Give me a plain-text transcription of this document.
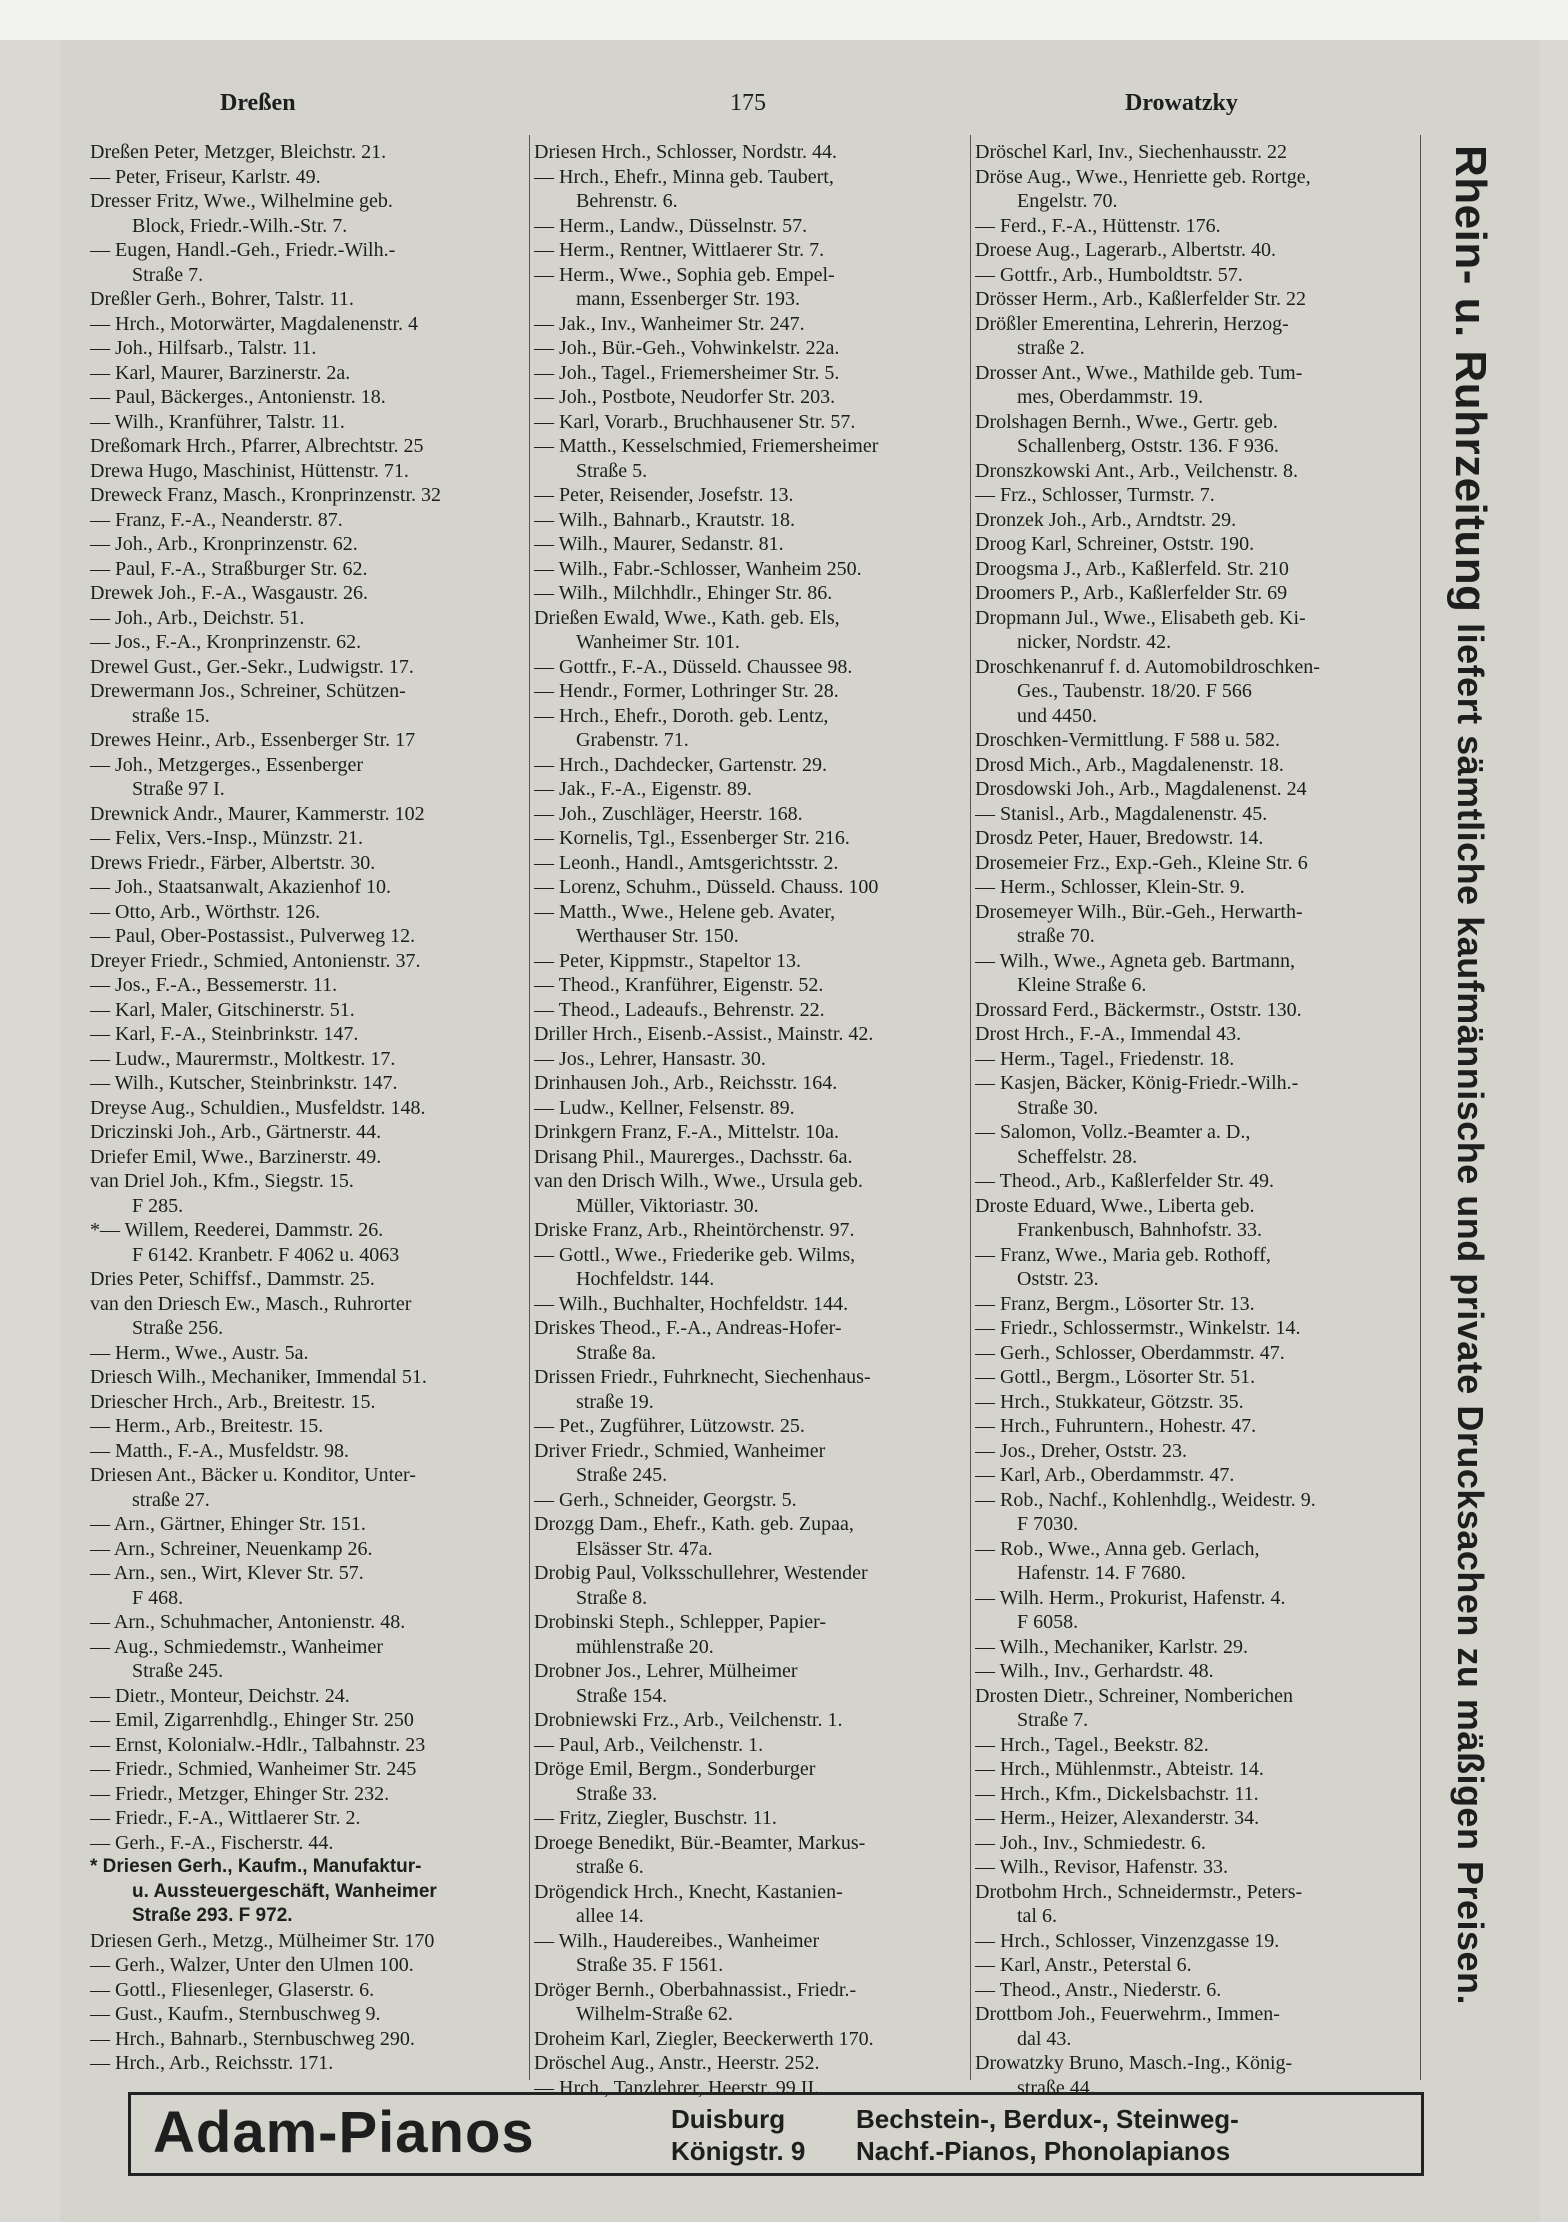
Dreßen	175	Drowatzky
Dreßen Peter, Metzger, Bleichstr. 21.
— Peter, Friseur, Karlstr. 49.
Dresser Fritz, Wwe., Wilhelmine geb.
Block, Friedr.-Wilh.-Str. 7.
— Eugen, Handl.-Geh., Friedr.-Wilh.-
Straße 7.
Dreßler Gerh., Bohrer, Talstr. 11.
— Hrch., Motorwärter, Magdalenenstr. 4
— Joh., Hilfsarb., Talstr. 11.
— Karl, Maurer, Barzinerstr. 2a.
— Paul, Bäckerges., Antonienstr. 18.
— Wilh., Kranführer, Talstr. 11.
Dreßomark Hrch., Pfarrer, Albrechtstr. 25
Drewa Hugo, Maschinist, Hüttenstr. 71.
Dreweck Franz, Masch., Kronprinzenstr. 32
— Franz, F.-A., Neanderstr. 87.
— Joh., Arb., Kronprinzenstr. 62.
— Paul, F.-A., Straßburger Str. 62.
Drewek Joh., F.-A., Wasgaustr. 26.
— Joh., Arb., Deichstr. 51.
— Jos., F.-A., Kronprinzenstr. 62.
Drewel Gust., Ger.-Sekr., Ludwigstr. 17.
Drewermann Jos., Schreiner, Schützen-
straße 15.
Drewes Heinr., Arb., Essenberger Str. 17
— Joh., Metzgerges., Essenberger
Straße 97 I.
Drewnick Andr., Maurer, Kammerstr. 102
— Felix, Vers.-Insp., Münzstr. 21.
Drews Friedr., Färber, Albertstr. 30.
— Joh., Staatsanwalt, Akazienhof 10.
— Otto, Arb., Wörthstr. 126.
— Paul, Ober-Postassist., Pulverweg 12.
Dreyer Friedr., Schmied, Antonienstr. 37.
— Jos., F.-A., Bessemerstr. 11.
— Karl, Maler, Gitschinerstr. 51.
— Karl, F.-A., Steinbrinkstr. 147.
— Ludw., Maurermstr., Moltkestr. 17.
— Wilh., Kutscher, Steinbrinkstr. 147.
Dreyse Aug., Schuldien., Musfeldstr. 148.
Driczinski Joh., Arb., Gärtnerstr. 44.
Driefer Emil, Wwe., Barzinerstr. 49.
van Driel Joh., Kfm., Siegstr. 15.
F 285.
*— Willem, Reederei, Dammstr. 26.
F 6142. Kranbetr. F 4062 u. 4063
Dries Peter, Schiffsf., Dammstr. 25.
van den Driesch Ew., Masch., Ruhrorter
Straße 256.
— Herm., Wwe., Austr. 5a.
Driesch Wilh., Mechaniker, Immendal 51.
Driescher Hrch., Arb., Breitestr. 15.
— Herm., Arb., Breitestr. 15.
— Matth., F.-A., Musfeldstr. 98.
Driesen Ant., Bäcker u. Konditor, Unter-
straße 27.
— Arn., Gärtner, Ehinger Str. 151.
— Arn., Schreiner, Neuenkamp 26.
— Arn., sen., Wirt, Klever Str. 57.
F 468.
— Arn., Schuhmacher, Antonienstr. 48.
— Aug., Schmiedemstr., Wanheimer
Straße 245.
— Dietr., Monteur, Deichstr. 24.
— Emil, Zigarrenhdlg., Ehinger Str. 250
— Ernst, Kolonialw.-Hdlr., Talbahnstr. 23
— Friedr., Schmied, Wanheimer Str. 245
— Friedr., Metzger, Ehinger Str. 232.
— Friedr., F.-A., Wittlaerer Str. 2.
— Gerh., F.-A., Fischerstr. 44.
* Driesen Gerh., Kaufm., Manufaktur-
u. Aussteuergeschäft, Wanheimer
Straße 293. F 972.
Driesen Gerh., Metzg., Mülheimer Str. 170
— Gerh., Walzer, Unter den Ulmen 100.
— Gottl., Fliesenleger, Glaserstr. 6.
— Gust., Kaufm., Sternbuschweg 9.
— Hrch., Bahnarb., Sternbuschweg 290.
— Hrch., Arb., Reichsstr. 171.
Driesen Hrch., Schlosser, Nordstr. 44.
— Hrch., Ehefr., Minna geb. Taubert,
Behrenstr. 6.
— Herm., Landw., Düsselnstr. 57.
— Herm., Rentner, Wittlaerer Str. 7.
— Herm., Wwe., Sophia geb. Empel-
mann, Essenberger Str. 193.
— Jak., Inv., Wanheimer Str. 247.
— Joh., Bür.-Geh., Vohwinkelstr. 22a.
— Joh., Tagel., Friemersheimer Str. 5.
— Joh., Postbote, Neudorfer Str. 203.
— Karl, Vorarb., Bruchhausener Str. 57.
— Matth., Kesselschmied, Friemersheimer
Straße 5.
— Peter, Reisender, Josefstr. 13.
— Wilh., Bahnarb., Krautstr. 18.
— Wilh., Maurer, Sedanstr. 81.
— Wilh., Fabr.-Schlosser, Wanheim 250.
— Wilh., Milchhdlr., Ehinger Str. 86.
Drießen Ewald, Wwe., Kath. geb. Els,
Wanheimer Str. 101.
— Gottfr., F.-A., Düsseld. Chaussee 98.
— Hendr., Former, Lothringer Str. 28.
— Hrch., Ehefr., Doroth. geb. Lentz,
Grabenstr. 71.
— Hrch., Dachdecker, Gartenstr. 29.
— Jak., F.-A., Eigenstr. 89.
— Joh., Zuschläger, Heerstr. 168.
— Kornelis, Tgl., Essenberger Str. 216.
— Leonh., Handl., Amtsgerichtsstr. 2.
— Lorenz, Schuhm., Düsseld. Chauss. 100
— Matth., Wwe., Helene geb. Avater,
Werthauser Str. 150.
— Peter, Kippmstr., Stapeltor 13.
— Theod., Kranführer, Eigenstr. 52.
— Theod., Ladeaufs., Behrenstr. 22.
Driller Hrch., Eisenb.-Assist., Mainstr. 42.
— Jos., Lehrer, Hansastr. 30.
Drinhausen Joh., Arb., Reichsstr. 164.
— Ludw., Kellner, Felsenstr. 89.
Drinkgern Franz, F.-A., Mittelstr. 10a.
Drisang Phil., Maurerges., Dachsstr. 6a.
van den Drisch Wilh., Wwe., Ursula geb.
Müller, Viktoriastr. 30.
Driske Franz, Arb., Rheintörchenstr. 97.
— Gottl., Wwe., Friederike geb. Wilms,
Hochfeldstr. 144.
— Wilh., Buchhalter, Hochfeldstr. 144.
Driskes Theod., F.-A., Andreas-Hofer-
Straße 8a.
Drissen Friedr., Fuhrknecht, Siechenhaus-
straße 19.
— Pet., Zugführer, Lützowstr. 25.
Driver Friedr., Schmied, Wanheimer
Straße 245.
— Gerh., Schneider, Georgstr. 5.
Drozgg Dam., Ehefr., Kath. geb. Zupaa,
Elsässer Str. 47a.
Drobig Paul, Volksschullehrer, Westender
Straße 8.
Drobinski Steph., Schlepper, Papier-
mühlenstraße 20.
Drobner Jos., Lehrer, Mülheimer
Straße 154.
Drobniewski Frz., Arb., Veilchenstr. 1.
— Paul, Arb., Veilchenstr. 1.
Dröge Emil, Bergm., Sonderburger
Straße 33.
— Fritz, Ziegler, Buschstr. 11.
Droege Benedikt, Bür.-Beamter, Markus-
straße 6.
Drögendick Hrch., Knecht, Kastanien-
allee 14.
— Wilh., Haudereibes., Wanheimer
Straße 35. F 1561.
Dröger Bernh., Oberbahnassist., Friedr.-
Wilhelm-Straße 62.
Droheim Karl, Ziegler, Beeckerwerth 170.
Dröschel Aug., Anstr., Heerstr. 252.
— Hrch., Tanzlehrer, Heerstr. 99 II.
Dröschel Karl, Inv., Siechenhausstr. 22
Dröse Aug., Wwe., Henriette geb. Rortge,
Engelstr. 70.
— Ferd., F.-A., Hüttenstr. 176.
Droese Aug., Lagerarb., Albertstr. 40.
— Gottfr., Arb., Humboldtstr. 57.
Drösser Herm., Arb., Kaßlerfelder Str. 22
Drößler Emerentina, Lehrerin, Herzog-
straße 2.
Drosser Ant., Wwe., Mathilde geb. Tum-
mes, Oberdammstr. 19.
Drolshagen Bernh., Wwe., Gertr. geb.
Schallenberg, Oststr. 136. F 936.
Dronszkowski Ant., Arb., Veilchenstr. 8.
— Frz., Schlosser, Turmstr. 7.
Dronzek Joh., Arb., Arndtstr. 29.
Droog Karl, Schreiner, Oststr. 190.
Droogsma J., Arb., Kaßlerfeld. Str. 210
Droomers P., Arb., Kaßlerfelder Str. 69
Dropmann Jul., Wwe., Elisabeth geb. Ki-
nicker, Nordstr. 42.
Droschkenanruf f. d. Automobildroschken-
Ges., Taubenstr. 18/20. F 566
und 4450.
Droschken-Vermittlung. F 588 u. 582.
Drosd Mich., Arb., Magdalenenstr. 18.
Drosdowski Joh., Arb., Magdalenenst. 24
— Stanisl., Arb., Magdalenenstr. 45.
Drosdz Peter, Hauer, Bredowstr. 14.
Drosemeier Frz., Exp.-Geh., Kleine Str. 6
— Herm., Schlosser, Klein-Str. 9.
Drosemeyer Wilh., Bür.-Geh., Herwarth-
straße 70.
— Wilh., Wwe., Agneta geb. Bartmann,
Kleine Straße 6.
Drossard Ferd., Bäckermstr., Oststr. 130.
Drost Hrch., F.-A., Immendal 43.
— Herm., Tagel., Friedenstr. 18.
— Kasjen, Bäcker, König-Friedr.-Wilh.-
Straße 30.
— Salomon, Vollz.-Beamter a. D.,
Scheffelstr. 28.
— Theod., Arb., Kaßlerfelder Str. 49.
Droste Eduard, Wwe., Liberta geb.
Frankenbusch, Bahnhofstr. 33.
— Franz, Wwe., Maria geb. Rothoff,
Oststr. 23.
— Franz, Bergm., Lösorter Str. 13.
— Friedr., Schlossermstr., Winkelstr. 14.
— Gerh., Schlosser, Oberdammstr. 47.
— Gottl., Bergm., Lösorter Str. 51.
— Hrch., Stukkateur, Götzstr. 35.
— Hrch., Fuhruntern., Hohestr. 47.
— Jos., Dreher, Oststr. 23.
— Karl, Arb., Oberdammstr. 47.
— Rob., Nachf., Kohlenhdlg., Weidestr. 9.
F 7030.
— Rob., Wwe., Anna geb. Gerlach,
Hafenstr. 14. F 7680.
— Wilh. Herm., Prokurist, Hafenstr. 4.
F 6058.
— Wilh., Mechaniker, Karlstr. 29.
— Wilh., Inv., Gerhardstr. 48.
Drosten Dietr., Schreiner, Nomberichen
Straße 7.
— Hrch., Tagel., Beekstr. 82.
— Hrch., Mühlenmstr., Abteistr. 14.
— Hrch., Kfm., Dickelsbachstr. 11.
— Herm., Heizer, Alexanderstr. 34.
— Joh., Inv., Schmiedestr. 6.
— Wilh., Revisor, Hafenstr. 33.
Drotbohm Hrch., Schneidermstr., Peters-
tal 6.
— Hrch., Schlosser, Vinzenzgasse 19.
— Karl, Anstr., Peterstal 6.
— Theod., Anstr., Niederstr. 6.
Drottbom Joh., Feuerwehrm., Immen-
dal 43.
Drowatzky Bruno, Masch.-Ing., König-
straße 44.
Rhein- u. Ruhrzeitung liefert sämtliche kaufmännische und private Drucksachen zu mäßigen Preisen.
Adam-Pianos	Duisburg
Königstr. 9
Bechstein-, Berdux-, Steinweg-
Nachf.-Pianos, Phonolapianos
